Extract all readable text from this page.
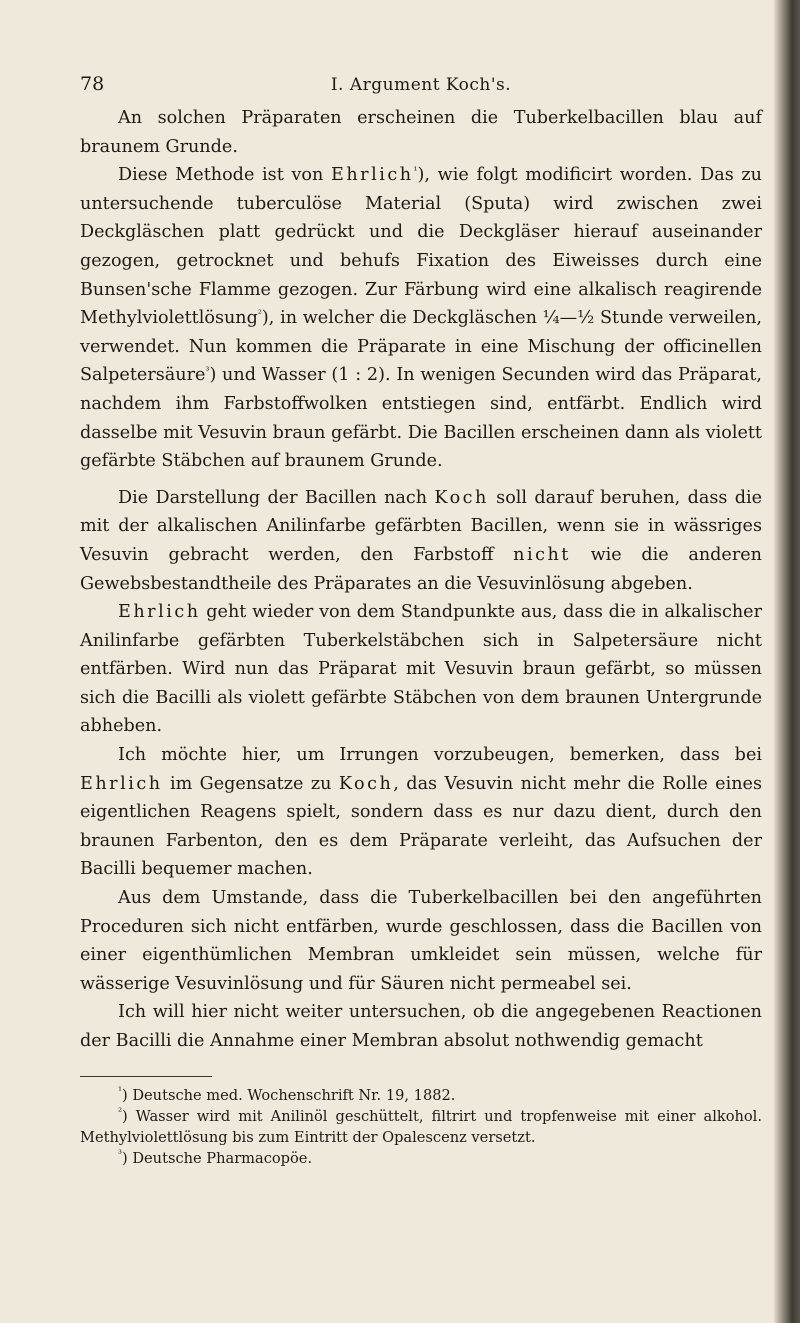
78	I. Argument Koch's.

An solchen Präparaten erscheinen die Tuberkelbacillen blau auf braunem Grunde.

Diese Methode ist von Ehrlich$^{^1}$), wie folgt modificirt worden. Das zu untersuchende tuberculöse Material (Sputa) wird zwischen zwei Deckgläschen platt gedrückt und die Deckgläser hierauf auseinander gezogen, getrocknet und behufs Fixation des Eiweisses durch eine Bunsen'sche Flamme gezogen. Zur Färbung wird eine alkalisch reagirende Methylviolettlösung$^{^2}$), in welcher die Deckgläschen ¼—½ Stunde verweilen, verwendet. Nun kommen die Präparate in eine Mischung der officinellen Salpetersäure$^{^3}$) und Wasser (1 : 2). In wenigen Secunden wird das Präparat, nachdem ihm Farbstoffwolken entstiegen sind, entfärbt. Endlich wird dasselbe mit Vesuvin braun gefärbt. Die Bacillen erscheinen dann als violett gefärbte Stäbchen auf braunem Grunde.

Die Darstellung der Bacillen nach Koch soll darauf beruhen, dass die mit der alkalischen Anilinfarbe gefärbten Bacillen, wenn sie in wässriges Vesuvin gebracht werden, den Farbstoff nicht wie die anderen Gewebsbestandtheile des Präparates an die Vesuvinlösung abgeben.

Ehrlich geht wieder von dem Standpunkte aus, dass die in alkalischer Anilinfarbe gefärbten Tuberkelstäbchen sich in Salpetersäure nicht entfärben. Wird nun das Präparat mit Vesuvin braun gefärbt, so müssen sich die Bacilli als violett gefärbte Stäbchen von dem braunen Untergrunde abheben.

Ich möchte hier, um Irrungen vorzubeugen, bemerken, dass bei Ehrlich im Gegensatze zu Koch, das Vesuvin nicht mehr die Rolle eines eigentlichen Reagens spielt, sondern dass es nur dazu dient, durch den braunen Farbenton, den es dem Präparate verleiht, das Aufsuchen der Bacilli bequemer machen.

Aus dem Umstande, dass die Tuberkelbacillen bei den angeführten Proceduren sich nicht entfärben, wurde geschlossen, dass die Bacillen von einer eigenthümlichen Membran umkleidet sein müssen, welche für wässerige Vesuvinlösung und für Säuren nicht permeabel sei.

Ich will hier nicht weiter untersuchen, ob die angegebenen Reactionen der Bacilli die Annahme einer Membran absolut nothwendig gemacht

$^{^1}$) Deutsche med. Wochenschrift Nr. 19, 1882.

$^{^2}$) Wasser wird mit Anilinöl geschüttelt, filtrirt und tropfenweise mit einer alkohol. Methylviolettlösung bis zum Eintritt der Opalescenz versetzt.

$^{^3}$) Deutsche Pharmacopöe.
